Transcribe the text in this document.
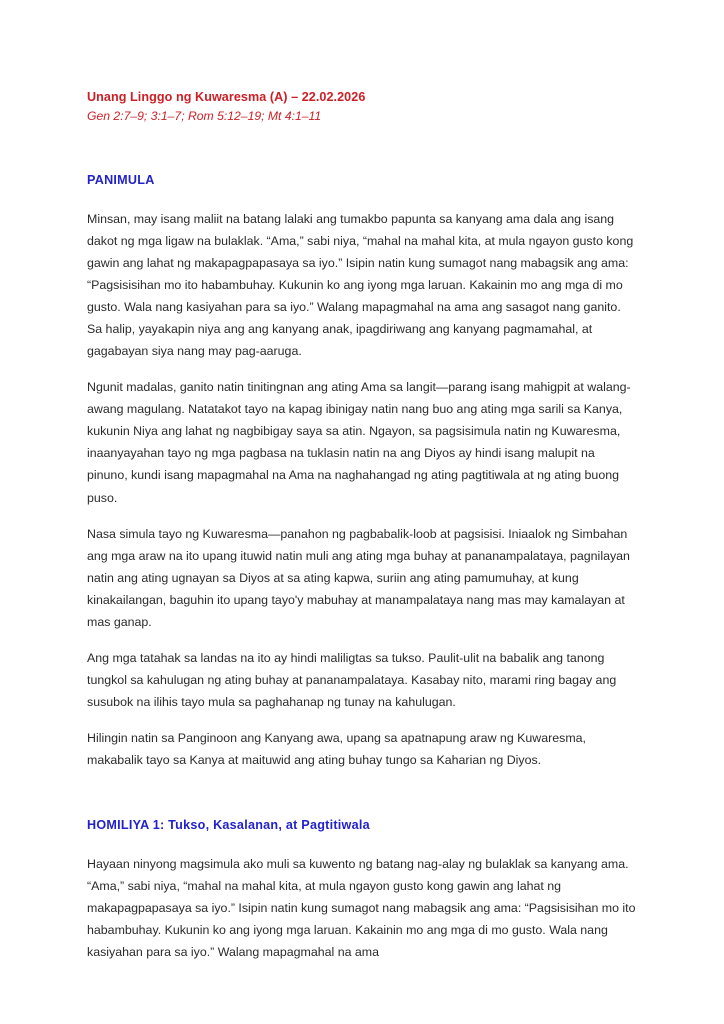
Unang Linggo ng Kuwaresma (A) – 22.02.2026

Gen 2:7–9; 3:1–7; Rom 5:12–19; Mt 4:1–11

PANIMULA

Minsan, may isang maliit na batang lalaki ang tumakbo papunta sa kanyang ama dala ang isang dakot ng mga ligaw na bulaklak. “Ama,” sabi niya, “mahal na mahal kita, at mula ngayon gusto kong gawin ang lahat ng makapagpapasaya sa iyo.” Isipin natin kung sumagot nang mabagsik ang ama: “Pagsisisihan mo ito habambuhay. Kukunin ko ang iyong mga laruan. Kakainin mo ang mga di mo gusto. Wala nang kasiyahan para sa iyo.” Walang mapagmahal na ama ang sasagot nang ganito. Sa halip, yayakapin niya ang ang kanyang anak, ipagdiriwang ang kanyang pagmamahal, at gagabayan siya nang may pag-aaruga.

Ngunit madalas, ganito natin tinitingnan ang ating Ama sa langit—parang isang mahigpit at walang-awang magulang. Natatakot tayo na kapag ibinigay natin nang buo ang ating mga sarili sa Kanya, kukunin Niya ang lahat ng nagbibigay saya sa atin. Ngayon, sa pagsisimula natin ng Kuwaresma, inaanyayahan tayo ng mga pagbasa na tuklasin natin na ang Diyos ay hindi isang malupit na pinuno, kundi isang mapagmahal na Ama na naghahangad ng ating pagtitiwala at ng ating buong puso.

Nasa simula tayo ng Kuwaresma—panahon ng pagbabalik-loob at pagsisisi. Iniaalok ng Simbahan ang mga araw na ito upang ituwid natin muli ang ating mga buhay at pananampalataya, pagnilayan natin ang ating ugnayan sa Diyos at sa ating kapwa, suriin ang ating pamumuhay, at kung kinakailangan, baguhin ito upang tayo'y mabuhay at manampalataya nang mas may kamalayan at mas ganap.

Ang mga tatahak sa landas na ito ay hindi maliligtas sa tukso. Paulit-ulit na babalik ang tanong tungkol sa kahulugan ng ating buhay at pananampalataya. Kasabay nito, marami ring bagay ang susubok na ilihis tayo mula sa paghahanap ng tunay na kahulugan.

Hilingin natin sa Panginoon ang Kanyang awa, upang sa apatnapung araw ng Kuwaresma, makabalik tayo sa Kanya at maituwid ang ating buhay tungo sa Kaharian ng Diyos.

HOMILIYA 1: Tukso, Kasalanan, at Pagtitiwala

Hayaan ninyong magsimula ako muli sa kuwento ng batang nag-alay ng bulaklak sa kanyang ama. “Ama,” sabi niya, “mahal na mahal kita, at mula ngayon gusto kong gawin ang lahat ng makapagpapasaya sa iyo.” Isipin natin kung sumagot nang mabagsik ang ama: “Pagsisisihan mo ito habambuhay. Kukunin ko ang iyong mga laruan. Kakainin mo ang mga di mo gusto. Wala nang kasiyahan para sa iyo.” Walang mapagmahal na ama
